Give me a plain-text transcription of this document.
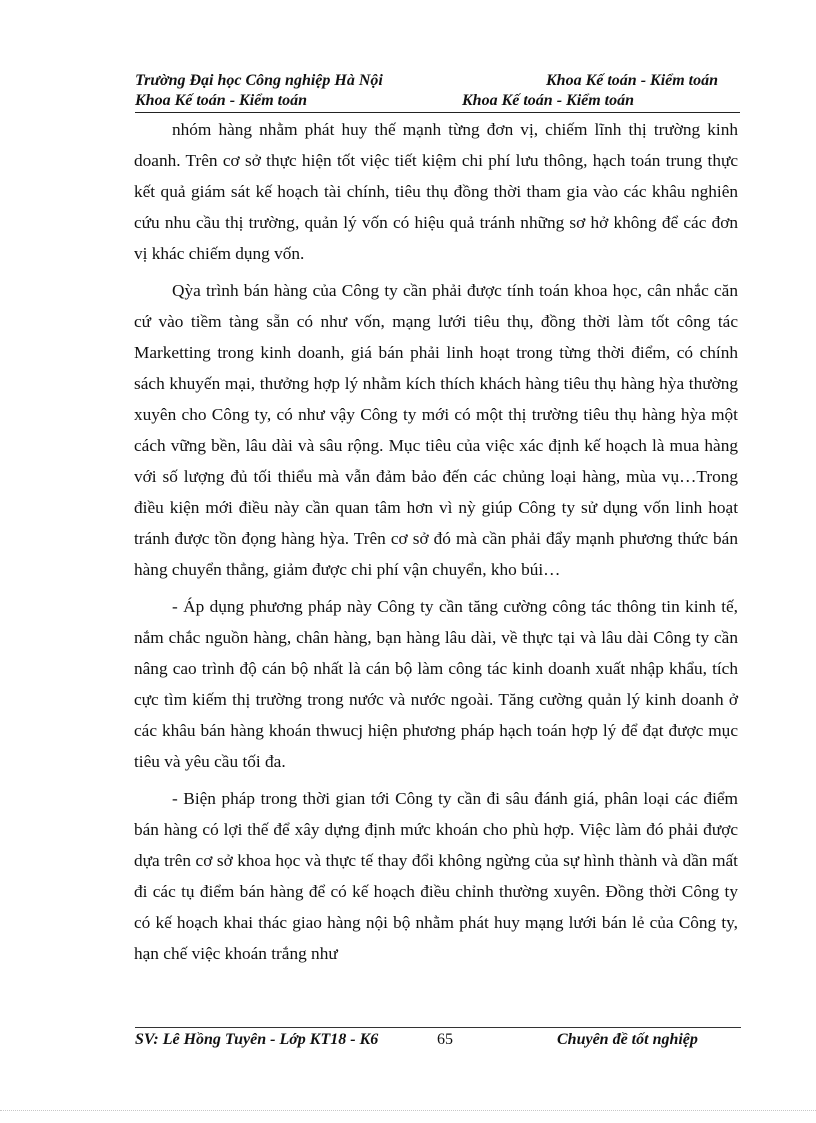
Trường Đại học Công nghiệp Hà Nội	Khoa Kế toán - Kiểm toán
Khoa Kế toán - Kiểm toán	Khoa Kế toán - Kiểm toán

nhóm hàng nhằm phát huy thế mạnh từng đơn vị, chiếm lĩnh thị trường kinh doanh. Trên cơ sở thực hiện tốt việc tiết kiệm chi phí lưu thông, hạch toán trung thực kết quả giám sát kế hoạch tài chính, tiêu thụ đồng thời tham gia vào các khâu nghiên cứu nhu cầu thị trường, quản lý vốn có hiệu quả tránh những sơ hở không để các đơn vị khác chiếm dụng vốn.

Qỳa trình bán hàng của Công ty cần phải được tính toán khoa học, cân nhắc căn cứ vào tiềm tàng sẵn có như vốn, mạng lưới tiêu thụ, đồng thời làm tốt công tác Marketting trong kinh doanh, giá bán phải linh hoạt trong từng thời điểm, có chính sách khuyến mại, thưởng hợp lý nhằm kích thích khách hàng tiêu thụ hàng hỳa thường xuyên cho Công ty, có như vậy Công ty mới có một thị trường tiêu thụ hàng hỳa một cách vững bền, lâu dài và sâu rộng. Mục tiêu của việc xác định kế hoạch là mua hàng với số lượng đủ tối thiểu mà vẫn đảm bảo đến các chủng loại hàng, mùa vụ…Trong điều kiện mới điều này cần quan tâm hơn vì nỳ giúp Công ty sử dụng vốn linh hoạt tránh được tồn đọng hàng hỳa. Trên cơ sở đó mà cần phải đẩy mạnh phương thức bán hàng chuyển thẳng, giảm được chi phí vận chuyển, kho búi…

- Áp dụng phương pháp này Công ty cần tăng cường công tác thông tin kinh tế, nắm chắc nguồn hàng, chân hàng, bạn hàng lâu dài, về thực tại và lâu dài Công ty cần nâng cao trình độ cán bộ nhất là cán bộ làm công tác kinh doanh xuất nhập khẩu, tích cực tìm kiếm thị trường trong nước và nước ngoài. Tăng cường quản lý kinh doanh ở các khâu bán hàng khoán thwucj hiện phương pháp hạch toán hợp lý để đạt được mục tiêu và yêu cầu tối đa.

- Biện pháp trong thời gian tới Công ty cần đi sâu đánh giá, phân loại các điểm bán hàng có lợi thế để xây dựng định mức khoán cho phù hợp. Việc làm đó phải được dựa trên cơ sở khoa học và thực tế thay đổi không ngừng của sự hình thành và dần mất đi các tụ điểm bán hàng để có kế hoạch điều chỉnh thường xuyên. Đồng thời Công ty có kế hoạch khai thác giao hàng nội bộ nhằm phát huy mạng lưới bán lẻ của Công ty, hạn chế việc khoán trắng như

SV: Lê Hồng Tuyên - Lớp KT18 - K6	65	Chuyên đề tốt nghiệp
